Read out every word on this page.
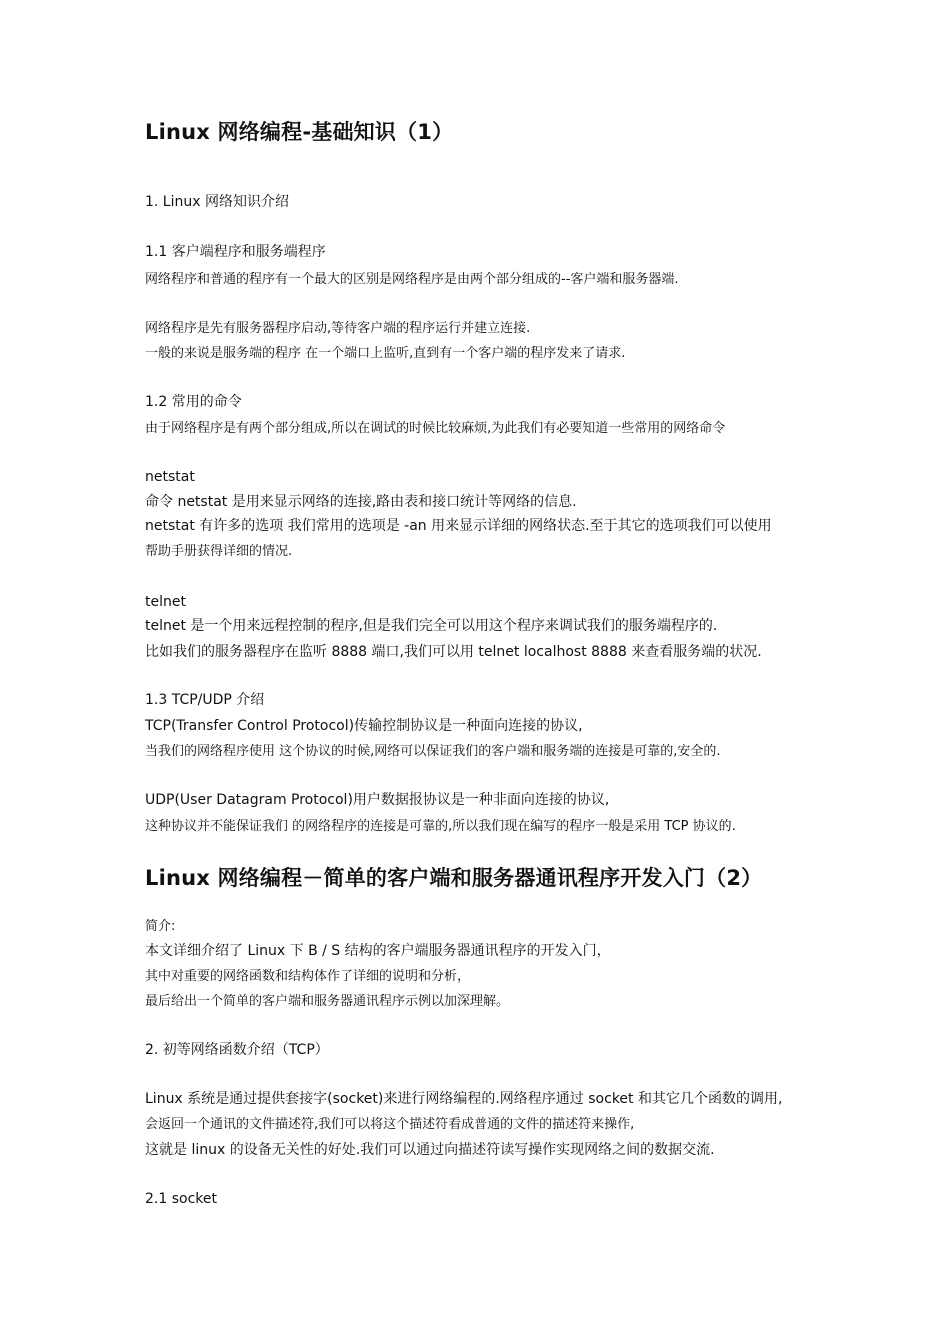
Linux 网络编程-基础知识（1）
1. Linux 网络知识介绍
1.1 客户端程序和服务端程序
网络程序和普通的程序有一个最大的区别是网络程序是由两个部分组成的--客户端和服务器端.
网络程序是先有服务器程序启动,等待客户端的程序运行并建立连接.
一般的来说是服务端的程序 在一个端口上监听,直到有一个客户端的程序发来了请求.
1.2 常用的命令
由于网络程序是有两个部分组成,所以在调试的时候比较麻烦,为此我们有必要知道一些常用的网络命令
netstat
命令 netstat 是用来显示网络的连接,路由表和接口统计等网络的信息.
netstat 有许多的选项 我们常用的选项是 -an 用来显示详细的网络状态.至于其它的选项我们可以使用
帮助手册获得详细的情况.
telnet
telnet 是一个用来远程控制的程序,但是我们完全可以用这个程序来调试我们的服务端程序的.
比如我们的服务器程序在监听 8888 端口,我们可以用 telnet localhost 8888 来查看服务端的状况.
1.3 TCP/UDP 介绍
TCP(Transfer Control Protocol)传输控制协议是一种面向连接的协议,
当我们的网络程序使用 这个协议的时候,网络可以保证我们的客户端和服务端的连接是可靠的,安全的.
UDP(User Datagram Protocol)用户数据报协议是一种非面向连接的协议,
这种协议并不能保证我们 的网络程序的连接是可靠的,所以我们现在编写的程序一般是采用 TCP 协议的.
Linux 网络编程－简单的客户端和服务器通讯程序开发入门（2）
简介:
本文详细介绍了 Linux 下 B / S 结构的客户端服务器通讯程序的开发入门，
其中对重要的网络函数和结构体作了详细的说明和分析，
最后给出一个简单的客户端和服务器通讯程序示例以加深理解。
2. 初等网络函数介绍（TCP）
Linux 系统是通过提供套接字(socket)来进行网络编程的.网络程序通过 socket 和其它几个函数的调用,
会返回一个通讯的文件描述符,我们可以将这个描述符看成普通的文件的描述符来操作,
这就是 linux 的设备无关性的好处.我们可以通过向描述符读写操作实现网络之间的数据交流.
2.1 socket
